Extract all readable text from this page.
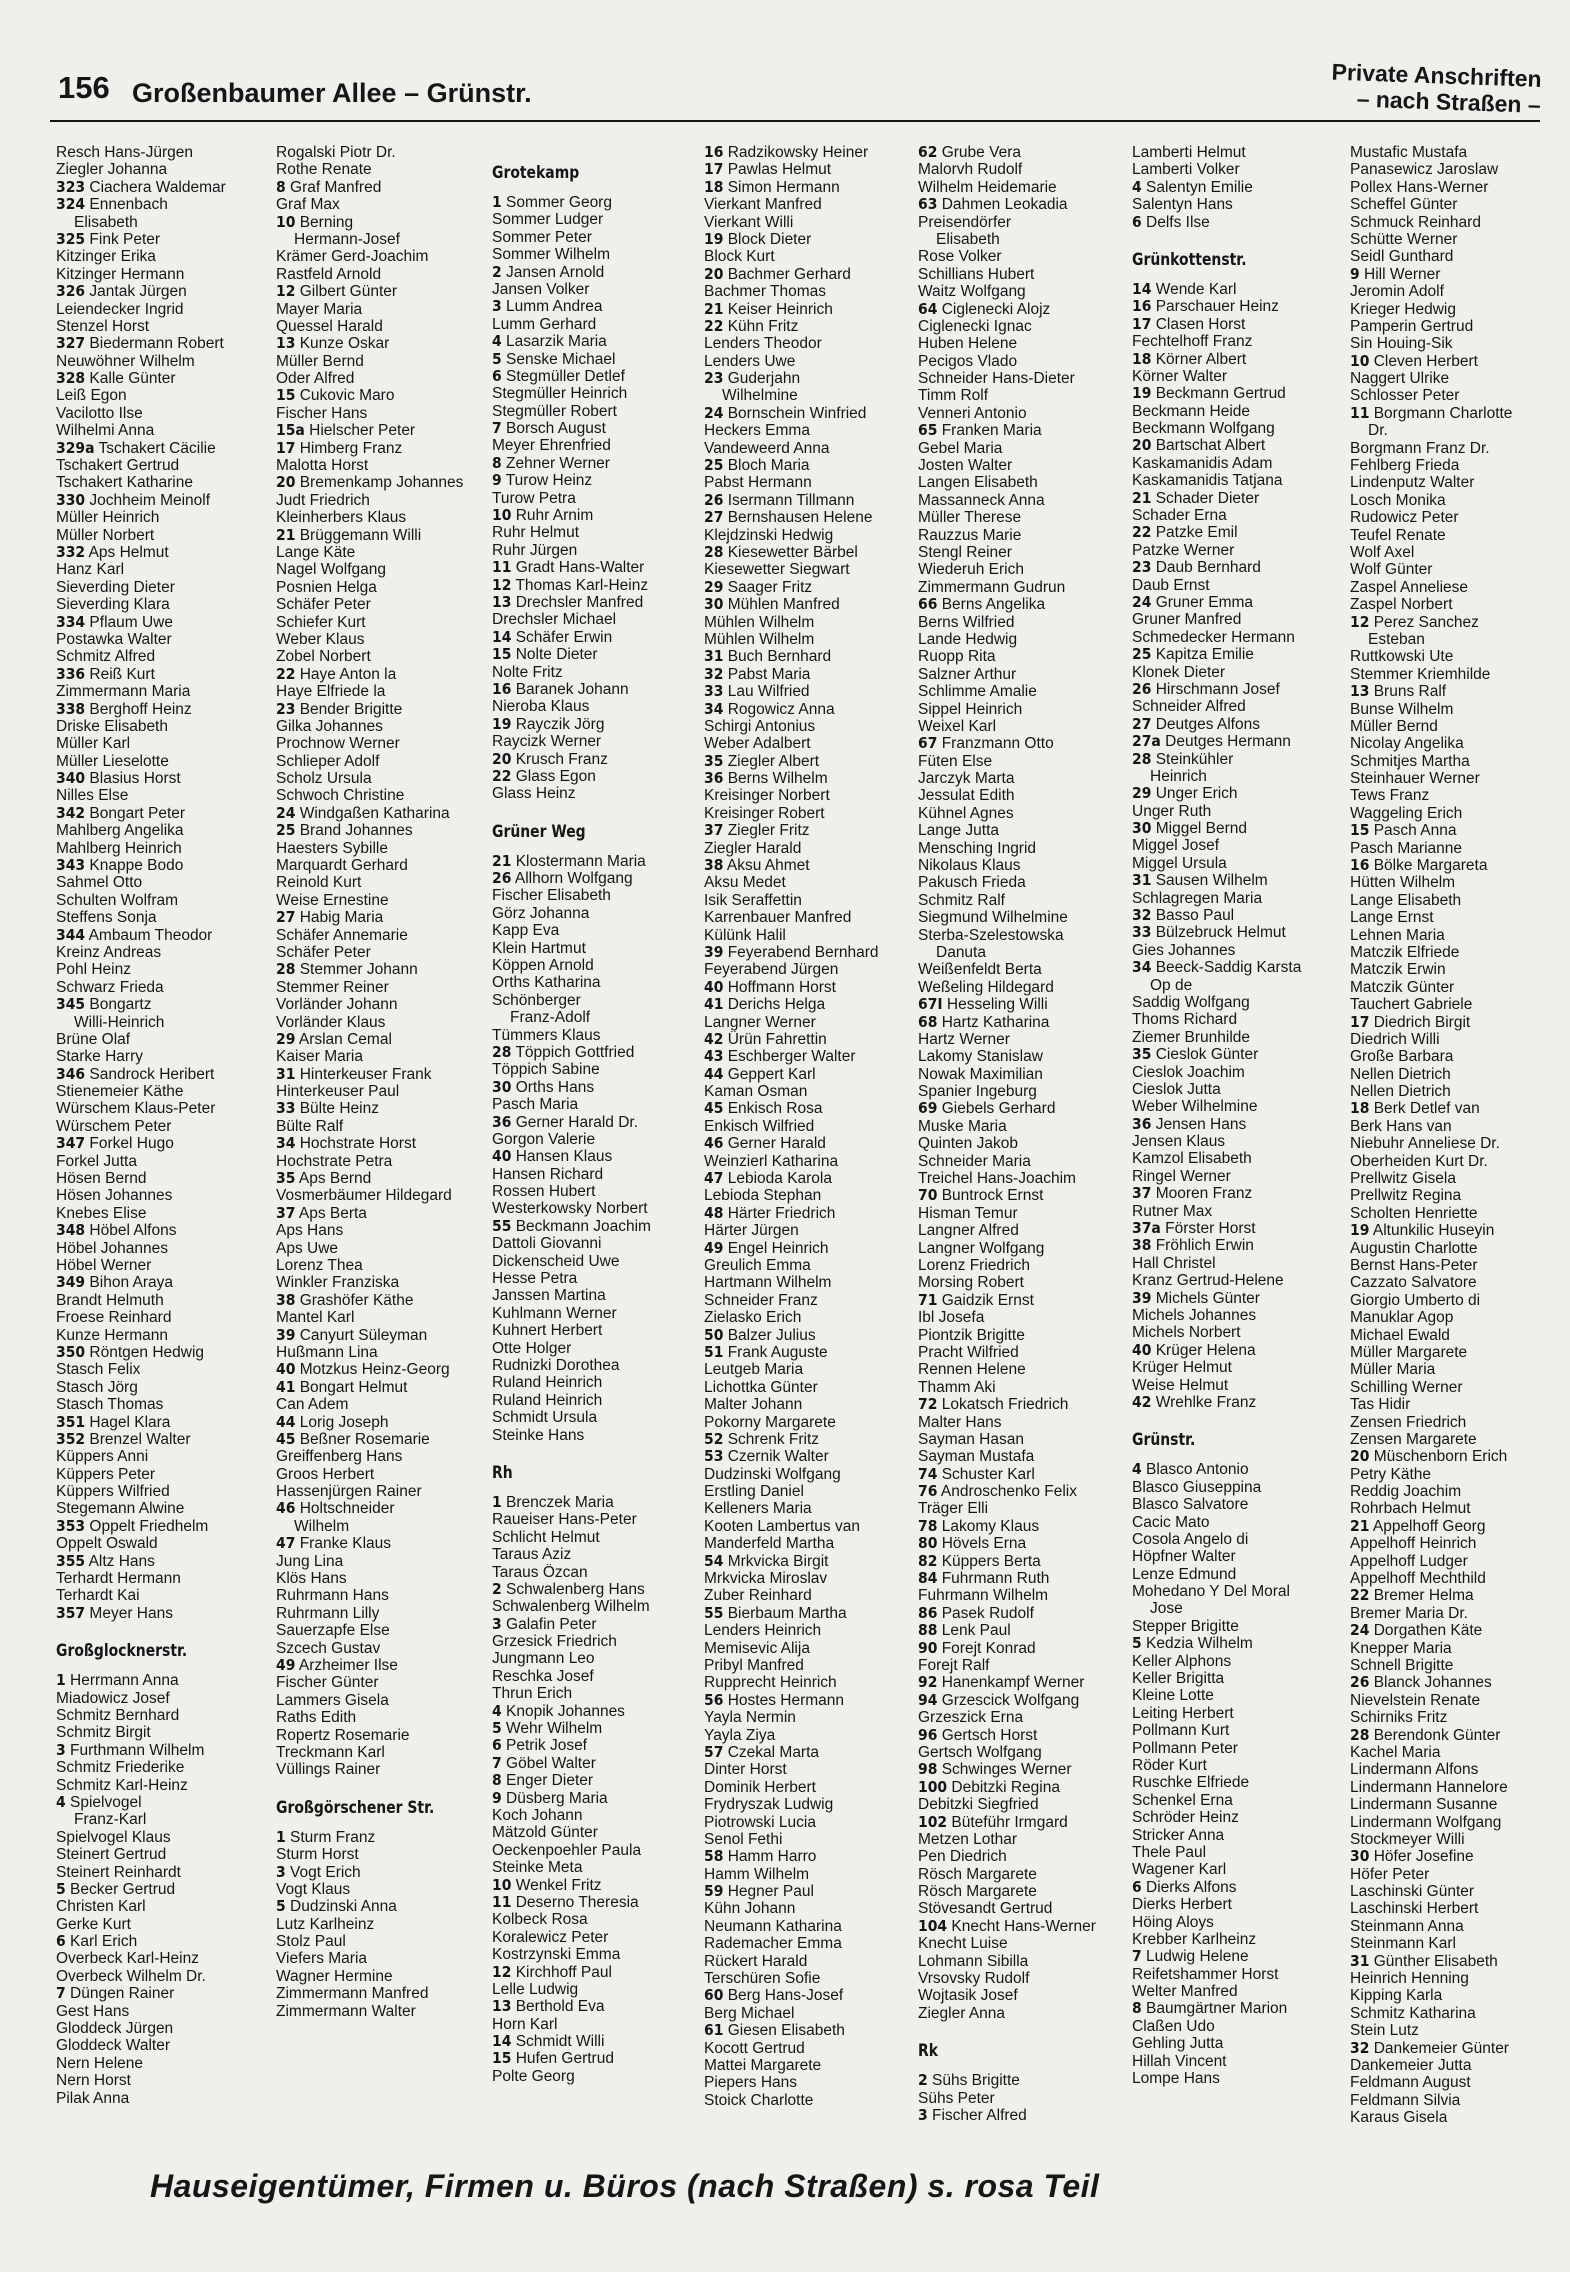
156 Großenbaumer Allee – Grünstr.
Private Anschriften
– nach Straßen –
Resch Hans-Jürgen
Ziegler Johanna
323 Ciachera Waldemar
324 Ennenbach
Elisabeth
325 Fink Peter
Kitzinger Erika
Kitzinger Hermann
326 Jantak Jürgen
Leiendecker Ingrid
Stenzel Horst
327 Biedermann Robert
Neuwöhner Wilhelm
328 Kalle Günter
Leiß Egon
Vacilotto Ilse
Wilhelmi Anna
329a Tschakert Cäcilie
Tschakert Gertrud
Tschakert Katharine
330 Jochheim Meinolf
Müller Heinrich
Müller Norbert
332 Aps Helmut
Hanz Karl
Sieverding Dieter
Sieverding Klara
334 Pflaum Uwe
Postawka Walter
Schmitz Alfred
336 Reiß Kurt
Zimmermann Maria
338 Berghoff Heinz
Driske Elisabeth
Müller Karl
Müller Lieselotte
340 Blasius Horst
Nilles Else
342 Bongart Peter
Mahlberg Angelika
Mahlberg Heinrich
343 Knappe Bodo
Sahmel Otto
Schulten Wolfram
Steffens Sonja
344 Ambaum Theodor
Kreinz Andreas
Pohl Heinz
Schwarz Frieda
345 Bongartz
Willi-Heinrich
Brüne Olaf
Starke Harry
346 Sandrock Heribert
Stienemeier Käthe
Würschem Klaus-Peter
Würschem Peter
347 Forkel Hugo
Forkel Jutta
Hösen Bernd
Hösen Johannes
Knebes Elise
348 Höbel Alfons
Höbel Johannes
Höbel Werner
349 Bihon Araya
Brandt Helmuth
Froese Reinhard
Kunze Hermann
350 Röntgen Hedwig
Stasch Felix
Stasch Jörg
Stasch Thomas
351 Hagel Klara
352 Brenzel Walter
Küppers Anni
Küppers Peter
Küppers Wilfried
Stegemann Alwine
353 Oppelt Friedhelm
Oppelt Oswald
355 Altz Hans
Terhardt Hermann
Terhardt Kai
357 Meyer Hans
Großglocknerstr.
1 Herrmann Anna
Miadowicz Josef
Schmitz Bernhard
Schmitz Birgit
3 Furthmann Wilhelm
Schmitz Friederike
Schmitz Karl-Heinz
4 Spielvogel
Franz-Karl
Spielvogel Klaus
Steinert Gertrud
Steinert Reinhardt
5 Becker Gertrud
Christen Karl
Gerke Kurt
6 Karl Erich
Overbeck Karl-Heinz
Overbeck Wilhelm Dr.
7 Düngen Rainer
Gest Hans
Gloddeck Jürgen
Gloddeck Walter
Nern Helene
Nern Horst
Pilak Anna
Rogalski Piotr Dr.
Rothe Renate
8 Graf Manfred
Graf Max
10 Berning
Hermann-Josef
Krämer Gerd-Joachim
Rastfeld Arnold
12 Gilbert Günter
Mayer Maria
Quessel Harald
13 Kunze Oskar
Müller Bernd
Oder Alfred
15 Cukovic Maro
Fischer Hans
15a Hielscher Peter
17 Himberg Franz
Malotta Horst
20 Bremenkamp Johannes
Judt Friedrich
Kleinherbers Klaus
21 Brüggemann Willi
Lange Käte
Nagel Wolfgang
Posnien Helga
Schäfer Peter
Schiefer Kurt
Weber Klaus
Zobel Norbert
22 Haye Anton la
Haye Elfriede la
23 Bender Brigitte
Gilka Johannes
Prochnow Werner
Schlieper Adolf
Scholz Ursula
Schwoch Christine
24 Windgaßen Katharina
25 Brand Johannes
Haesters Sybille
Marquardt Gerhard
Reinold Kurt
Weise Ernestine
27 Habig Maria
Schäfer Annemarie
Schäfer Peter
28 Stemmer Johann
Stemmer Reiner
Vorländer Johann
Vorländer Klaus
29 Arslan Cemal
Kaiser Maria
31 Hinterkeuser Frank
Hinterkeuser Paul
33 Bülte Heinz
Bülte Ralf
34 Hochstrate Horst
Hochstrate Petra
35 Aps Bernd
Vosmerbäumer Hildegard
37 Aps Berta
Aps Hans
Aps Uwe
Lorenz Thea
Winkler Franziska
38 Grashöfer Käthe
Mantel Karl
39 Canyurt Süleyman
Hußmann Lina
40 Motzkus Heinz-Georg
41 Bongart Helmut
Can Adem
44 Lorig Joseph
45 Beßner Rosemarie
Greiffenberg Hans
Groos Herbert
Hassenjürgen Rainer
46 Holtschneider
Wilhelm
47 Franke Klaus
Jung Lina
Klös Hans
Ruhrmann Hans
Ruhrmann Lilly
Sauerzapfe Else
Szcech Gustav
49 Arzheimer Ilse
Fischer Günter
Lammers Gisela
Raths Edith
Ropertz Rosemarie
Treckmann Karl
Vüllings Rainer
Großgörschener Str.
1 Sturm Franz
Sturm Horst
3 Vogt Erich
Vogt Klaus
5 Dudzinski Anna
Lutz Karlheinz
Stolz Paul
Viefers Maria
Wagner Hermine
Zimmermann Manfred
Zimmermann Walter
Grotekamp
1 Sommer Georg
Sommer Ludger
Sommer Peter
Sommer Wilhelm
2 Jansen Arnold
Jansen Volker
3 Lumm Andrea
Lumm Gerhard
4 Lasarzik Maria
5 Senske Michael
6 Stegmüller Detlef
Stegmüller Heinrich
Stegmüller Robert
7 Borsch August
Meyer Ehrenfried
8 Zehner Werner
9 Turow Heinz
Turow Petra
10 Ruhr Arnim
Ruhr Helmut
Ruhr Jürgen
11 Gradt Hans-Walter
12 Thomas Karl-Heinz
13 Drechsler Manfred
Drechsler Michael
14 Schäfer Erwin
15 Nolte Dieter
Nolte Fritz
16 Baranek Johann
Nieroba Klaus
19 Rayczik Jörg
Raycizk Werner
20 Krusch Franz
22 Glass Egon
Glass Heinz
Grüner Weg
21 Klostermann Maria
26 Allhorn Wolfgang
Fischer Elisabeth
Görz Johanna
Kapp Eva
Klein Hartmut
Köppen Arnold
Orths Katharina
Schönberger
Franz-Adolf
Tümmers Klaus
28 Töppich Gottfried
Töppich Sabine
30 Orths Hans
Pasch Maria
36 Gerner Harald Dr.
Gorgon Valerie
40 Hansen Klaus
Hansen Richard
Rossen Hubert
Westerkowsky Norbert
55 Beckmann Joachim
Dattoli Giovanni
Dickenscheid Uwe
Hesse Petra
Janssen Martina
Kuhlmann Werner
Kuhnert Herbert
Otte Holger
Rudnizki Dorothea
Ruland Heinrich
Ruland Heinrich
Schmidt Ursula
Steinke Hans
Rh
1 Brenczek Maria
Raueiser Hans-Peter
Schlicht Helmut
Taraus Aziz
Taraus Özcan
2 Schwalenberg Hans
Schwalenberg Wilhelm
3 Galafin Peter
Grzesick Friedrich
Jungmann Leo
Reschka Josef
Thrun Erich
4 Knopik Johannes
5 Wehr Wilhelm
6 Petrik Josef
7 Göbel Walter
8 Enger Dieter
9 Düsberg Maria
Koch Johann
Mätzold Günter
Oeckenpoehler Paula
Steinke Meta
10 Wenkel Fritz
11 Deserno Theresia
Kolbeck Rosa
Koralewicz Peter
Kostrzynski Emma
12 Kirchhoff Paul
Lelle Ludwig
13 Berthold Eva
Horn Karl
14 Schmidt Willi
15 Hufen Gertrud
Polte Georg
16 Radzikowsky Heiner
17 Pawlas Helmut
18 Simon Hermann
Vierkant Manfred
Vierkant Willi
19 Block Dieter
Block Kurt
20 Bachmer Gerhard
Bachmer Thomas
21 Keiser Heinrich
22 Kühn Fritz
Lenders Theodor
Lenders Uwe
23 Guderjahn
Wilhelmine
24 Bornschein Winfried
Heckers Emma
Vandeweerd Anna
25 Bloch Maria
Pabst Hermann
26 Isermann Tillmann
27 Bernshausen Helene
Klejdzinski Hedwig
28 Kiesewetter Bärbel
Kiesewetter Siegwart
29 Saager Fritz
30 Mühlen Manfred
Mühlen Wilhelm
Mühlen Wilhelm
31 Buch Bernhard
32 Pabst Maria
33 Lau Wilfried
34 Rogowicz Anna
Schirgi Antonius
Weber Adalbert
35 Ziegler Albert
36 Berns Wilhelm
Kreisinger Norbert
Kreisinger Robert
37 Ziegler Fritz
Ziegler Harald
38 Aksu Ahmet
Aksu Medet
Isik Seraffettin
Karrenbauer Manfred
Külünk Halil
39 Feyerabend Bernhard
Feyerabend Jürgen
40 Hoffmann Horst
41 Derichs Helga
Langner Werner
42 Ürün Fahrettin
43 Eschberger Walter
44 Geppert Karl
Kaman Osman
45 Enkisch Rosa
Enkisch Wilfried
46 Gerner Harald
Weinzierl Katharina
47 Lebioda Karola
Lebioda Stephan
48 Härter Friedrich
Härter Jürgen
49 Engel Heinrich
Greulich Emma
Hartmann Wilhelm
Schneider Franz
Zielasko Erich
50 Balzer Julius
51 Frank Auguste
Leutgeb Maria
Lichottka Günter
Malter Johann
Pokorny Margarete
52 Schrenk Fritz
53 Czernik Walter
Dudzinski Wolfgang
Erstling Daniel
Kelleners Maria
Kooten Lambertus van
Manderfeld Martha
54 Mrkvicka Birgit
Mrkvicka Miroslav
Zuber Reinhard
55 Bierbaum Martha
Lenders Heinrich
Memisevic Alija
Pribyl Manfred
Rupprecht Heinrich
56 Hostes Hermann
Yayla Nermin
Yayla Ziya
57 Czekal Marta
Dinter Horst
Dominik Herbert
Frydryszak Ludwig
Piotrowski Lucia
Senol Fethi
58 Hamm Harro
Hamm Wilhelm
59 Hegner Paul
Kühn Johann
Neumann Katharina
Rademacher Emma
Rückert Harald
Terschüren Sofie
60 Berg Hans-Josef
Berg Michael
61 Giesen Elisabeth
Kocott Gertrud
Mattei Margarete
Piepers Hans
Stoick Charlotte
62 Grube Vera
Malorvh Rudolf
Wilhelm Heidemarie
63 Dahmen Leokadia
Preisendörfer
Elisabeth
Rose Volker
Schillians Hubert
Waitz Wolfgang
64 Ciglenecki Alojz
Ciglenecki Ignac
Huben Helene
Pecigos Vlado
Schneider Hans-Dieter
Timm Rolf
Venneri Antonio
65 Franken Maria
Gebel Maria
Josten Walter
Langen Elisabeth
Massanneck Anna
Müller Therese
Rauzzus Marie
Stengl Reiner
Wiederuh Erich
Zimmermann Gudrun
66 Berns Angelika
Berns Wilfried
Lande Hedwig
Ruopp Rita
Salzner Arthur
Schlimme Amalie
Sippel Heinrich
Weixel Karl
67 Franzmann Otto
Füten Else
Jarczyk Marta
Jessulat Edith
Kühnel Agnes
Lange Jutta
Mensching Ingrid
Nikolaus Klaus
Pakusch Frieda
Schmitz Ralf
Siegmund Wilhelmine
Sterba-Szelestowska
Danuta
Weißenfeldt Berta
Weßeling Hildegard
67I Hesseling Willi
68 Hartz Katharina
Hartz Werner
Lakomy Stanislaw
Nowak Maximilian
Spanier Ingeburg
69 Giebels Gerhard
Muske Maria
Quinten Jakob
Schneider Maria
Treichel Hans-Joachim
70 Buntrock Ernst
Hisman Temur
Langner Alfred
Langner Wolfgang
Lorenz Friedrich
Morsing Robert
71 Gaidzik Ernst
Ibl Josefa
Piontzik Brigitte
Pracht Wilfried
Rennen Helene
Thamm Aki
72 Lokatsch Friedrich
Malter Hans
Sayman Hasan
Sayman Mustafa
74 Schuster Karl
76 Androschenko Felix
Träger Elli
78 Lakomy Klaus
80 Hövels Erna
82 Küppers Berta
84 Fuhrmann Ruth
Fuhrmann Wilhelm
86 Pasek Rudolf
88 Lenk Paul
90 Forejt Konrad
Forejt Ralf
92 Hanenkampf Werner
94 Grzescick Wolfgang
Grzeszick Erna
96 Gertsch Horst
Gertsch Wolfgang
98 Schwinges Werner
100 Debitzki Regina
Debitzki Siegfried
102 Büteführ Irmgard
Metzen Lothar
Pen Diedrich
Rösch Margarete
Rösch Margarete
Stövesandt Gertrud
104 Knecht Hans-Werner
Knecht Luise
Lohmann Sibilla
Vrsovsky Rudolf
Wojtasik Josef
Ziegler Anna
Rk
2 Sühs Brigitte
Sühs Peter
3 Fischer Alfred
Lamberti Helmut
Lamberti Volker
4 Salentyn Emilie
Salentyn Hans
6 Delfs Ilse
Grünkottenstr.
14 Wende Karl
16 Parschauer Heinz
17 Clasen Horst
Fechtelhoff Franz
18 Körner Albert
Körner Walter
19 Beckmann Gertrud
Beckmann Heide
Beckmann Wolfgang
20 Bartschat Albert
Kaskamanidis Adam
Kaskamanidis Tatjana
21 Schader Dieter
Schader Erna
22 Patzke Emil
Patzke Werner
23 Daub Bernhard
Daub Ernst
24 Gruner Emma
Gruner Manfred
Schmedecker Hermann
25 Kapitza Emilie
Klonek Dieter
26 Hirschmann Josef
Schneider Alfred
27 Deutges Alfons
27a Deutges Hermann
28 Steinkühler
Heinrich
29 Unger Erich
Unger Ruth
30 Miggel Bernd
Miggel Josef
Miggel Ursula
31 Sausen Wilhelm
Schlagregen Maria
32 Basso Paul
33 Bülzebruck Helmut
Gies Johannes
34 Beeck-Saddig Karsta
Op de
Saddig Wolfgang
Thoms Richard
Ziemer Brunhilde
35 Cieslok Günter
Cieslok Joachim
Cieslok Jutta
Weber Wilhelmine
36 Jensen Hans
Jensen Klaus
Kamzol Elisabeth
Ringel Werner
37 Mooren Franz
Rutner Max
37a Förster Horst
38 Fröhlich Erwin
Hall Christel
Kranz Gertrud-Helene
39 Michels Günter
Michels Johannes
Michels Norbert
40 Krüger Helena
Krüger Helmut
Weise Helmut
42 Wrehlke Franz
Grünstr.
4 Blasco Antonio
Blasco Giuseppina
Blasco Salvatore
Cacic Mato
Cosola Angelo di
Höpfner Walter
Lenze Edmund
Mohedano Y Del Moral
Jose
Stepper Brigitte
5 Kedzia Wilhelm
Keller Alphons
Keller Brigitta
Kleine Lotte
Leiting Herbert
Pollmann Kurt
Pollmann Peter
Röder Kurt
Ruschke Elfriede
Schenkel Erna
Schröder Heinz
Stricker Anna
Thele Paul
Wagener Karl
6 Dierks Alfons
Dierks Herbert
Höing Aloys
Krebber Karlheinz
7 Ludwig Helene
Reifetshammer Horst
Welter Manfred
8 Baumgärtner Marion
Claßen Udo
Gehling Jutta
Hillah Vincent
Lompe Hans
Mustafic Mustafa
Panasewicz Jaroslaw
Pollex Hans-Werner
Scheffel Günter
Schmuck Reinhard
Schütte Werner
Seidl Gunthard
9 Hill Werner
Jeromin Adolf
Krieger Hedwig
Pamperin Gertrud
Sin Houing-Sik
10 Cleven Herbert
Naggert Ulrike
Schlosser Peter
11 Borgmann Charlotte
Dr.
Borgmann Franz Dr.
Fehlberg Frieda
Lindenputz Walter
Losch Monika
Rudowicz Peter
Teufel Renate
Wolf Axel
Wolf Günter
Zaspel Anneliese
Zaspel Norbert
12 Perez Sanchez
Esteban
Ruttkowski Ute
Stemmer Kriemhilde
13 Bruns Ralf
Bunse Wilhelm
Müller Bernd
Nicolay Angelika
Schmitjes Martha
Steinhauer Werner
Tews Franz
Waggeling Erich
15 Pasch Anna
Pasch Marianne
16 Bölke Margareta
Hütten Wilhelm
Lange Elisabeth
Lange Ernst
Lehnen Maria
Matczik Elfriede
Matczik Erwin
Matczik Günter
Tauchert Gabriele
17 Diedrich Birgit
Diedrich Willi
Große Barbara
Nellen Dietrich
Nellen Dietrich
18 Berk Detlef van
Berk Hans van
Niebuhr Anneliese Dr.
Oberheiden Kurt Dr.
Prellwitz Gisela
Prellwitz Regina
Scholten Henriette
19 Altunkilic Huseyin
Augustin Charlotte
Bernst Hans-Peter
Cazzato Salvatore
Giorgio Umberto di
Manuklar Agop
Michael Ewald
Müller Margarete
Müller Maria
Schilling Werner
Tas Hidir
Zensen Friedrich
Zensen Margarete
20 Müschenborn Erich
Petry Käthe
Reddig Joachim
Rohrbach Helmut
21 Appelhoff Georg
Appelhoff Heinrich
Appelhoff Ludger
Appelhoff Mechthild
22 Bremer Helma
Bremer Maria Dr.
24 Dorgathen Käte
Knepper Maria
Schnell Brigitte
26 Blanck Johannes
Nievelstein Renate
Schirniks Fritz
28 Berendonk Günter
Kachel Maria
Lindermann Alfons
Lindermann Hannelore
Lindermann Susanne
Lindermann Wolfgang
Stockmeyer Willi
30 Höfer Josefine
Höfer Peter
Laschinski Günter
Laschinski Herbert
Steinmann Anna
Steinmann Karl
31 Günther Elisabeth
Heinrich Henning
Kipping Karla
Schmitz Katharina
Stein Lutz
32 Dankemeier Günter
Dankemeier Jutta
Feldmann August
Feldmann Silvia
Karaus Gisela
Hauseigentümer, Firmen u. Büros (nach Straßen) s. rosa Teil
